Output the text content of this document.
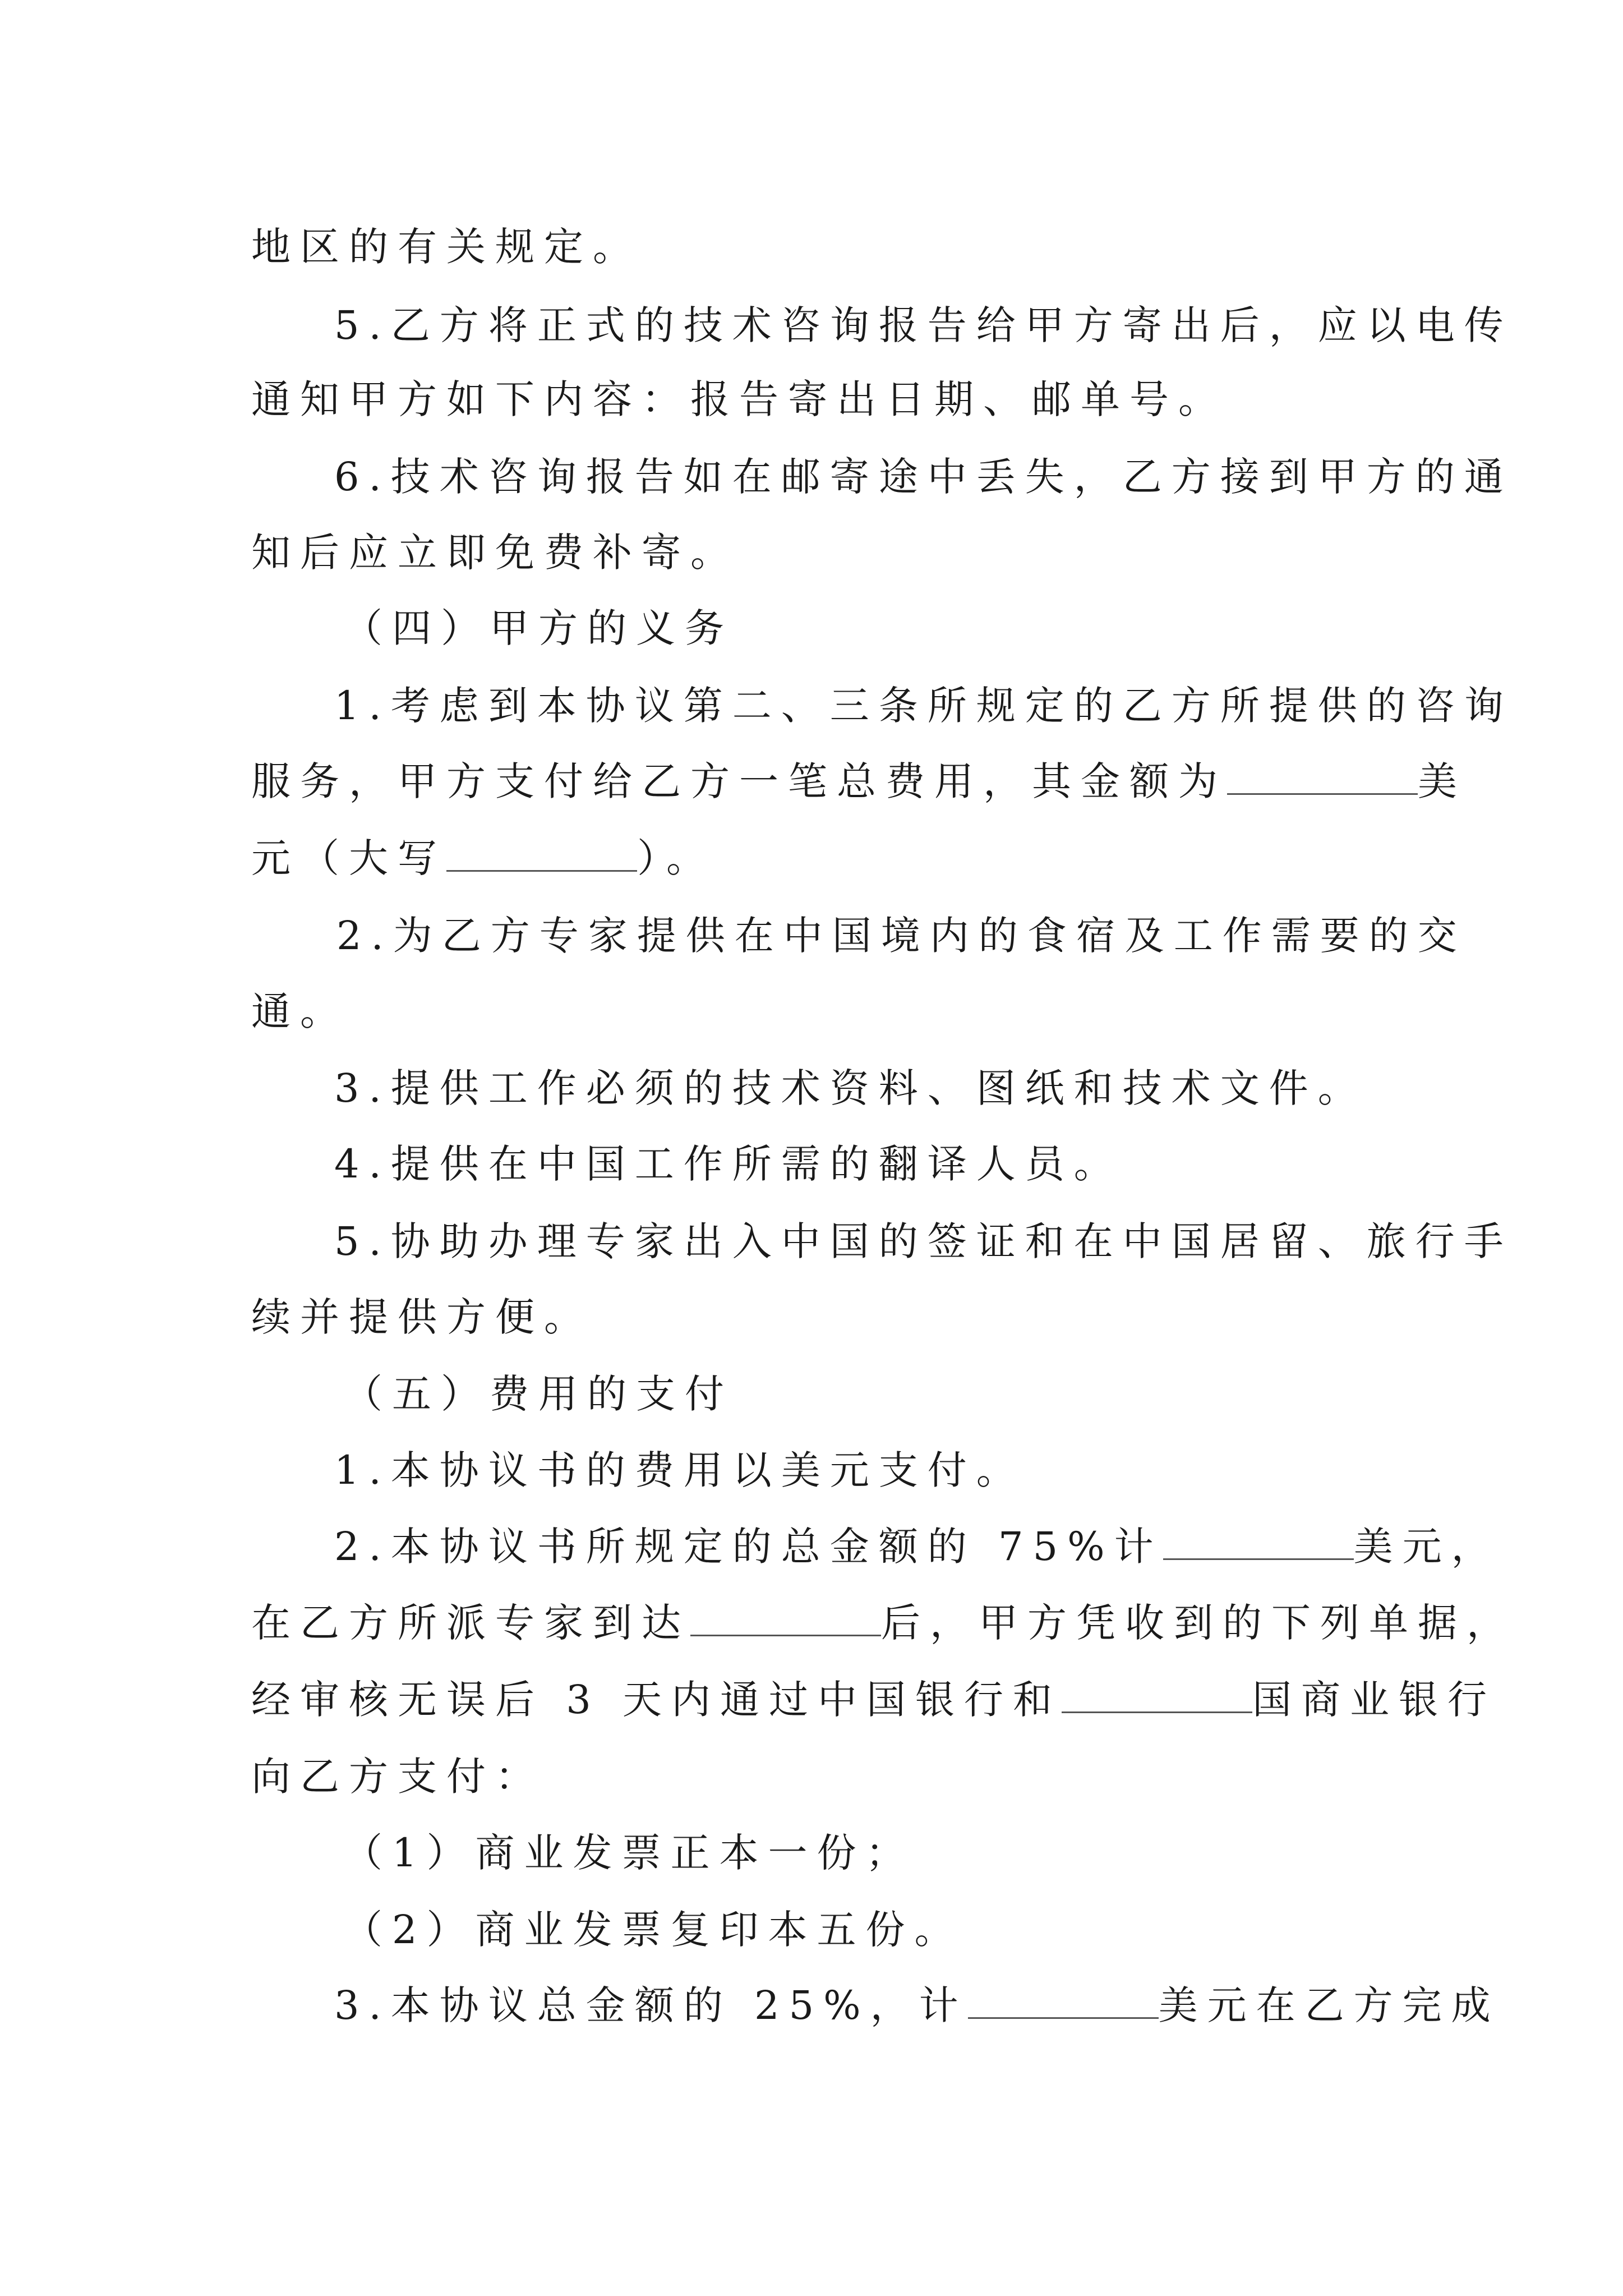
地区的有关规定。
5.乙方将正式的技术咨询报告给甲方寄出后，应以电传
通知甲方如下内容：报告寄出日期、邮单号。
6.技术咨询报告如在邮寄途中丢失，乙方接到甲方的通
知后应立即免费补寄。
（四）甲方的义务
1.考虑到本协议第二、三条所规定的乙方所提供的咨询
服务，甲方支付给乙方一笔总费用，其金额为	美
元（大写	）。
2.为乙方专家提供在中国境内的食宿及工作需要的交
通。
3.提供工作必须的技术资料、图纸和技术文件。
4.提供在中国工作所需的翻译人员。
5.协助办理专家出入中国的签证和在中国居留、旅行手
续并提供方便。
（五）费用的支付
1.本协议书的费用以美元支付。
2.本协议书所规定的总金额的 75%计	美元，
在乙方所派专家到达	后，甲方凭收到的下列单据，
经审核无误后 3 天内通过中国银行和	国商业银行
向乙方支付：
（1）商业发票正本一份；
（2）商业发票复印本五份。
3.本协议总金额的 25%，计	美元在乙方完成
